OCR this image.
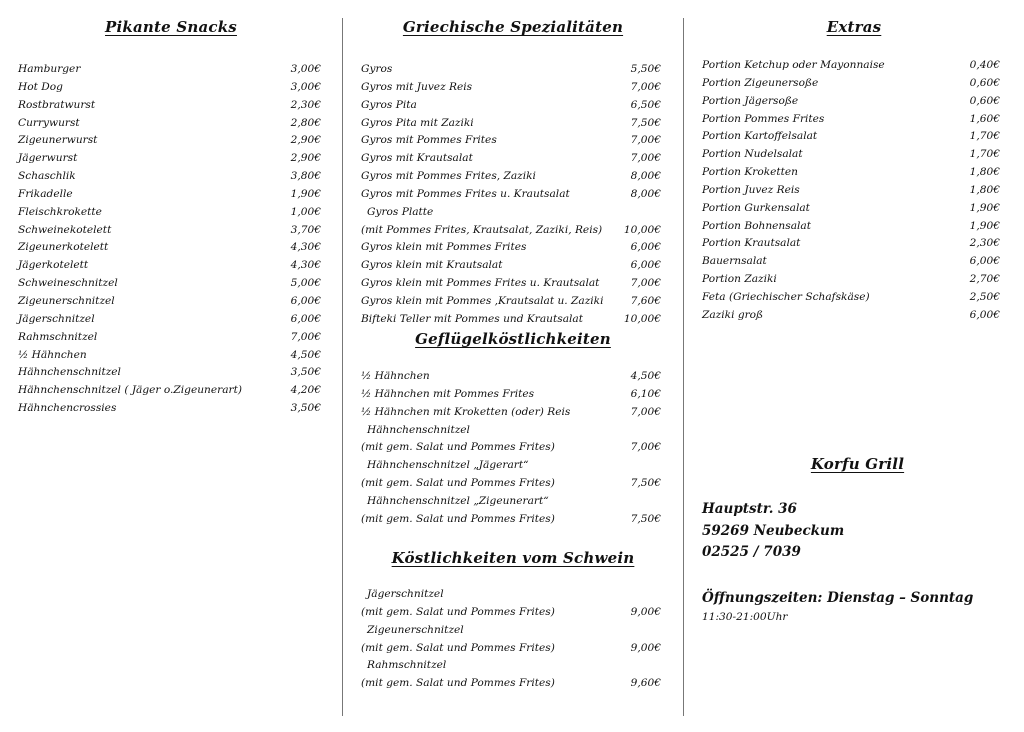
Pikante Snacks
Hamburger	3,00€
Hot Dog	3,00€
Rostbratwurst	2,30€
Currywurst	2,80€
Zigeunerwurst	2,90€
Jägerwurst	2,90€
Schaschlik	3,80€
Frikadelle	1,90€
Fleischkrokette	1,00€
Schweinekotelett	3,70€
Zigeunerkotelett	4,30€
Jägerkotelett	4,30€
Schweineschnitzel	5,00€
Zigeunerschnitzel	6,00€
Jägerschnitzel	6,00€
Rahmschnitzel	7,00€
½ Hähnchen	4,50€
Hähnchenschnitzel	3,50€
Hähnchenschnitzel ( Jäger o.Zigeunerart)	4,20€
Hähnchencrossies	3,50€
Griechische Spezialitäten
Gyros	5,50€
Gyros mit Juvez Reis	7,00€
Gyros Pita	6,50€
Gyros Pita mit Zaziki	7,50€
Gyros mit Pommes Frites	7,00€
Gyros mit Krautsalat	7,00€
Gyros mit Pommes Frites, Zaziki	8,00€
Gyros mit Pommes Frites u. Krautsalat	8,00€
Gyros Platte
(mit Pommes Frites, Krautsalat, Zaziki, Reis) 10,00€
Gyros klein mit Pommes Frites	6,00€
Gyros klein mit Krautsalat	6,00€
Gyros klein mit Pommes Frites u. Krautsalat	7,00€
Gyros klein mit Pommes ,Krautsalat u. Zaziki	7,60€
Bifteki Teller mit Pommes und Krautsalat	10,00€
Geflügelköstlichkeiten
½ Hähnchen	4,50€
½ Hähnchen mit Pommes Frites	6,10€
½ Hähnchen mit Kroketten (oder) Reis	7,00€
Hähnchenschnitzel
(mit gem. Salat und Pommes Frites)	7,00€
Hähnchenschnitzel „Jägerart“
(mit gem. Salat und Pommes Frites)	7,50€
Hähnchenschnitzel „Zigeunerart“
(mit gem. Salat und Pommes Frites)	7,50€
Köstlichkeiten vom Schwein
Jägerschnitzel
(mit gem. Salat und Pommes Frites)	9,00€
Zigeunerschnitzel
(mit gem. Salat und Pommes Frites)	9,00€
Rahmschnitzel
(mit gem. Salat und Pommes Frites)	9,60€
Extras
Portion Ketchup oder Mayonnaise	0,40€
Portion Zigeunersoße	0,60€
Portion Jägersoße	0,60€
Portion Pommes Frites	1,60€
Portion Kartoffelsalat	1,70€
Portion Nudelsalat	1,70€
Portion Kroketten	1,80€
Portion Juvez Reis	1,80€
Portion Gurkensalat	1,90€
Portion Bohnensalat	1,90€
Portion Krautsalat	2,30€
Bauernsalat	6,00€
Portion Zaziki	2,70€
Feta (Griechischer Schafskäse)	2,50€
Zaziki groß	6,00€
Korfu Grill
Hauptstr. 36
59269 Neubeckum
02525 / 7039
Öffnungszeiten: Dienstag – Sonntag
11:30-21:00Uhr
